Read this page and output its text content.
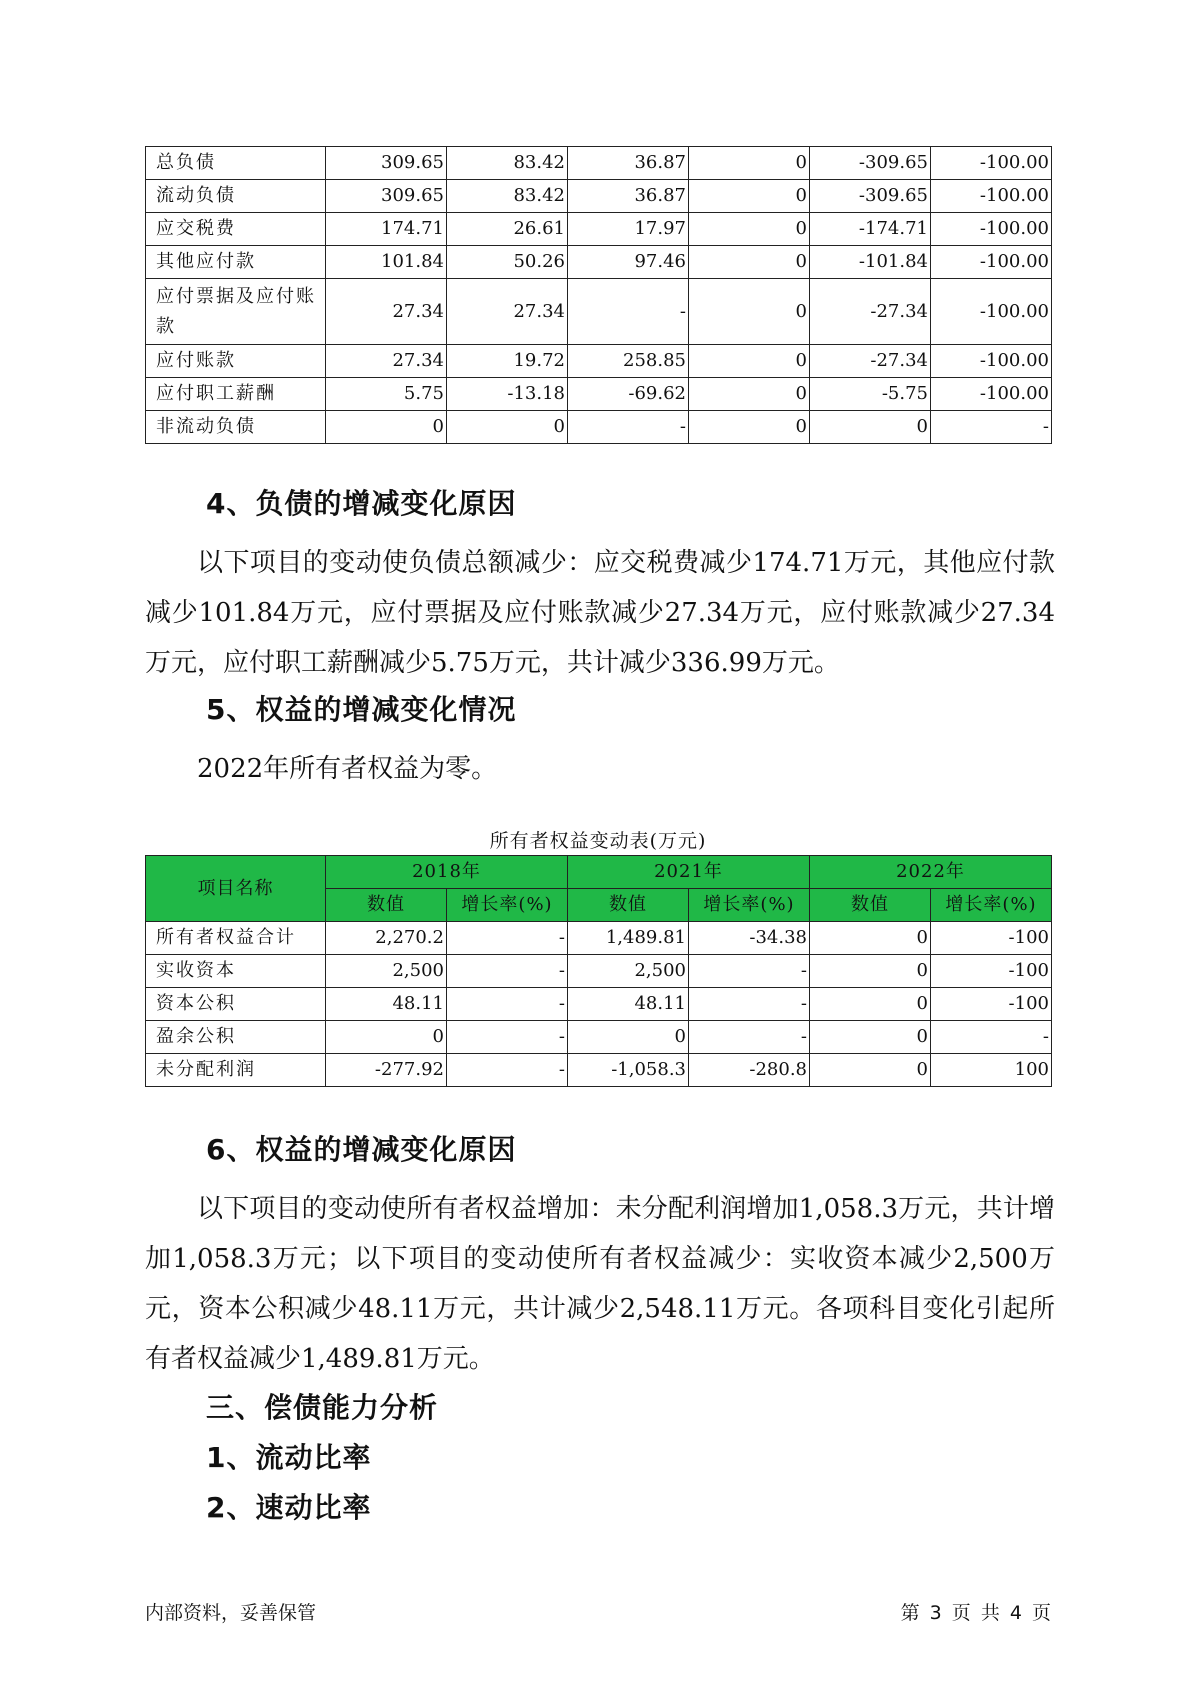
总负债	309.65	83.42	36.87	0	-309.65	-100.00
流动负债	309.65	83.42	36.87	0	-309.65	-100.00
应交税费	174.71	26.61	17.97	0	-174.71	-100.00
其他应付款	101.84	50.26	97.46	0	-101.84	-100.00
应付票据及应付账款	27.34	27.34	-	0	-27.34	-100.00
应付账款	27.34	19.72	258.85	0	-27.34	-100.00
应付职工薪酬	5.75	-13.18	-69.62	0	-5.75	-100.00
非流动负债	0	0	-	0	0	-
4、负债的增减变化原因

以下项目的变动使负债总额减少：应交税费减少174.71万元，其他应付款减少101.84万元，应付票据及应付账款减少27.34万元，应付账款减少27.34万元，应付职工薪酬减少5.75万元，共计减少336.99万元。

5、权益的增减变化情况

2022年所有者权益为零。

所有者权益变动表(万元)
项目名称	2018年		2021年		2022年	
	数值	增长率(%)	数值	增长率(%)	数值	增长率(%)
所有者权益合计	2,270.2	-	1,489.81	-34.38	0	-100
实收资本	2,500	-	2,500	-	0	-100
资本公积	48.11	-	48.11	-	0	-100
盈余公积	0	-	0	-	0	-
未分配利润	-277.92	-	-1,058.3	-280.8	0	100
6、权益的增减变化原因

以下项目的变动使所有者权益增加：未分配利润增加1,058.3万元，共计增加1,058.3万元；以下项目的变动使所有者权益减少：实收资本减少2,500万元，资本公积减少48.11万元，共计减少2,548.11万元。各项科目变化引起所有者权益减少1,489.81万元。

三、偿债能力分析
1、流动比率
2、速动比率
内部资料，妥善保管	第 3 页 共 4 页
